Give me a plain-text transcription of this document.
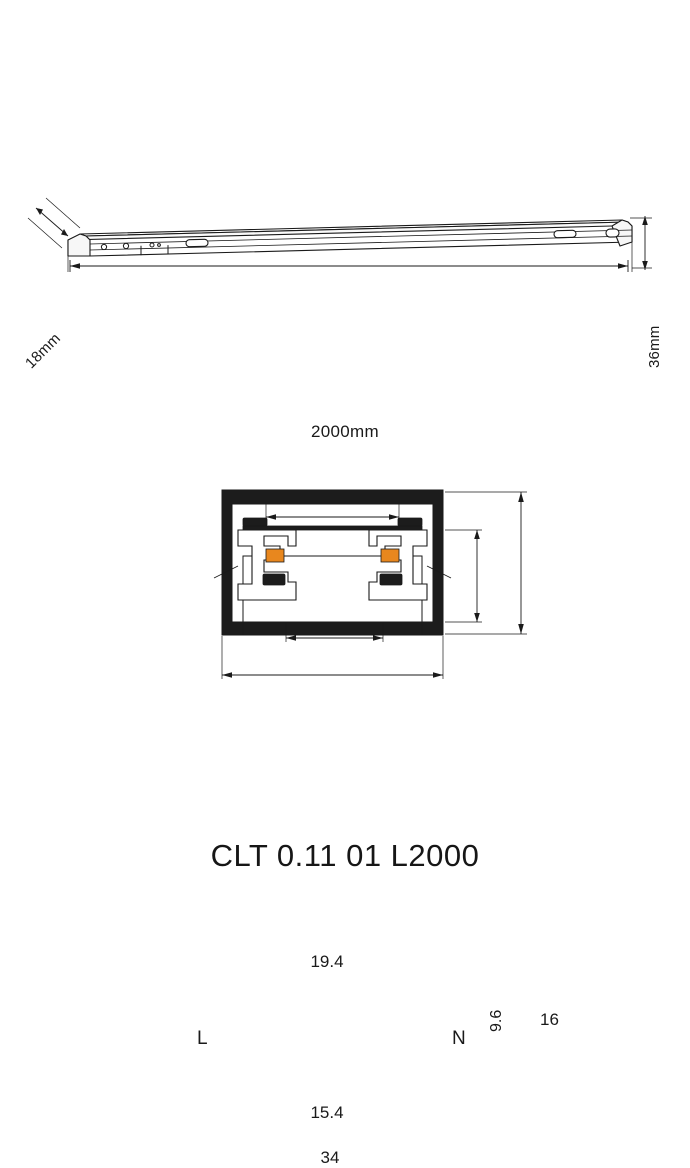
18mm
2000mm
36mm
19.4
15.4
34
16
9.6
L	N
CLT 0.11 01 L2000
